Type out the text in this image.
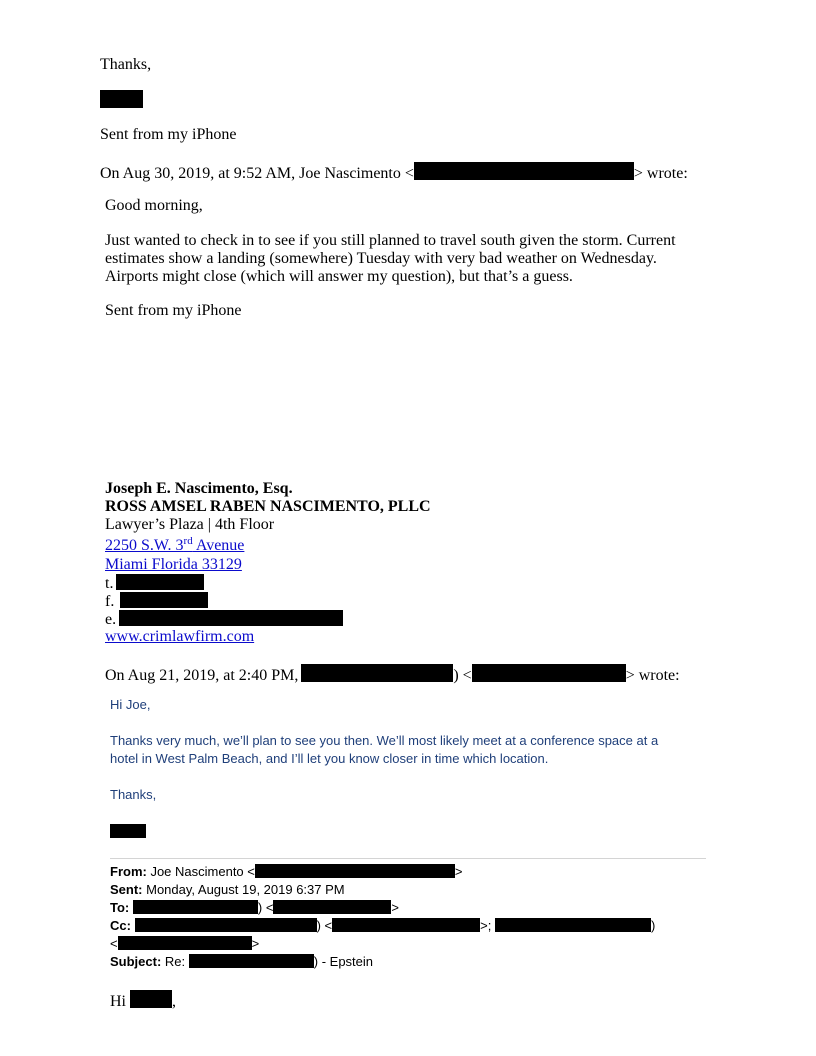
Thanks,
Sent from my iPhone
On Aug 30, 2019, at 9:52 AM, Joe Nascimento <	> wrote:
Good morning,
Just wanted to check in to see if you still planned to travel south given the storm. Current
estimates show a landing (somewhere) Tuesday with very bad weather on Wednesday.
Airports might close (which will answer my question), but that’s a guess.
Sent from my iPhone
Joseph E. Nascimento, Esq.
ROSS AMSEL RABEN NASCIMENTO, PLLC
Lawyer’s Plaza | 4th Floor
2250 S.W. 3rd Avenue
Miami Florida 33129
t.
f.
e.
www.crimlawfirm.com
On Aug 21, 2019, at 2:40 PM,	) <	> wrote:
Hi Joe,
Thanks very much, we’ll plan to see you then. We’ll most likely meet at a conference space at a
hotel in West Palm Beach, and I’ll let you know closer in time which location.
Thanks,
From: Joe Nascimento <	>
Sent: Monday, August 19, 2019 6:37 PM
To:	) <	>
Cc:	) <	>;	)
<	>
Subject: Re:	) - Epstein
Hi	,
